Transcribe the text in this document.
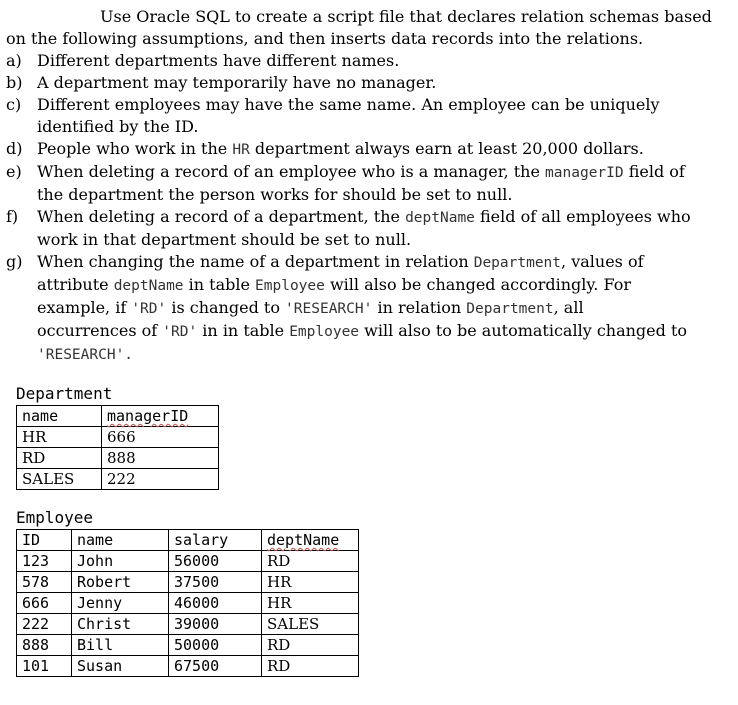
Use Oracle SQL to create a script file that declares relation schemas based
on the following assumptions, and then inserts data records into the relations.
a) Different departments have different names.
b) A department may temporarily have no manager.
c) Different employees may have the same name. An employee can be uniquely
identified by the ID.
d) People who work in the HR department always earn at least 20,000 dollars.
e) When deleting a record of an employee who is a manager, the managerID field of
the department the person works for should be set to null.
f) When deleting a record of a department, the deptName field of all employees who
work in that department should be set to null.
g) When changing the name of a department in relation Department, values of
attribute deptName in table Employee will also be changed accordingly. For
example, if 'RD' is changed to 'RESEARCH' in relation Department, all
occurrences of 'RD' in in table Employee will also to be automatically changed to
'RESEARCH'.
Department
name	managerID
HR	666
RD	888
SALES	222
Employee
ID	name	salary	deptName
123	John	56000	RD
578	Robert	37500	HR
666	Jenny	46000	HR
222	Christ	39000	SALES
888	Bill	50000	RD
101	Susan	67500	RD
